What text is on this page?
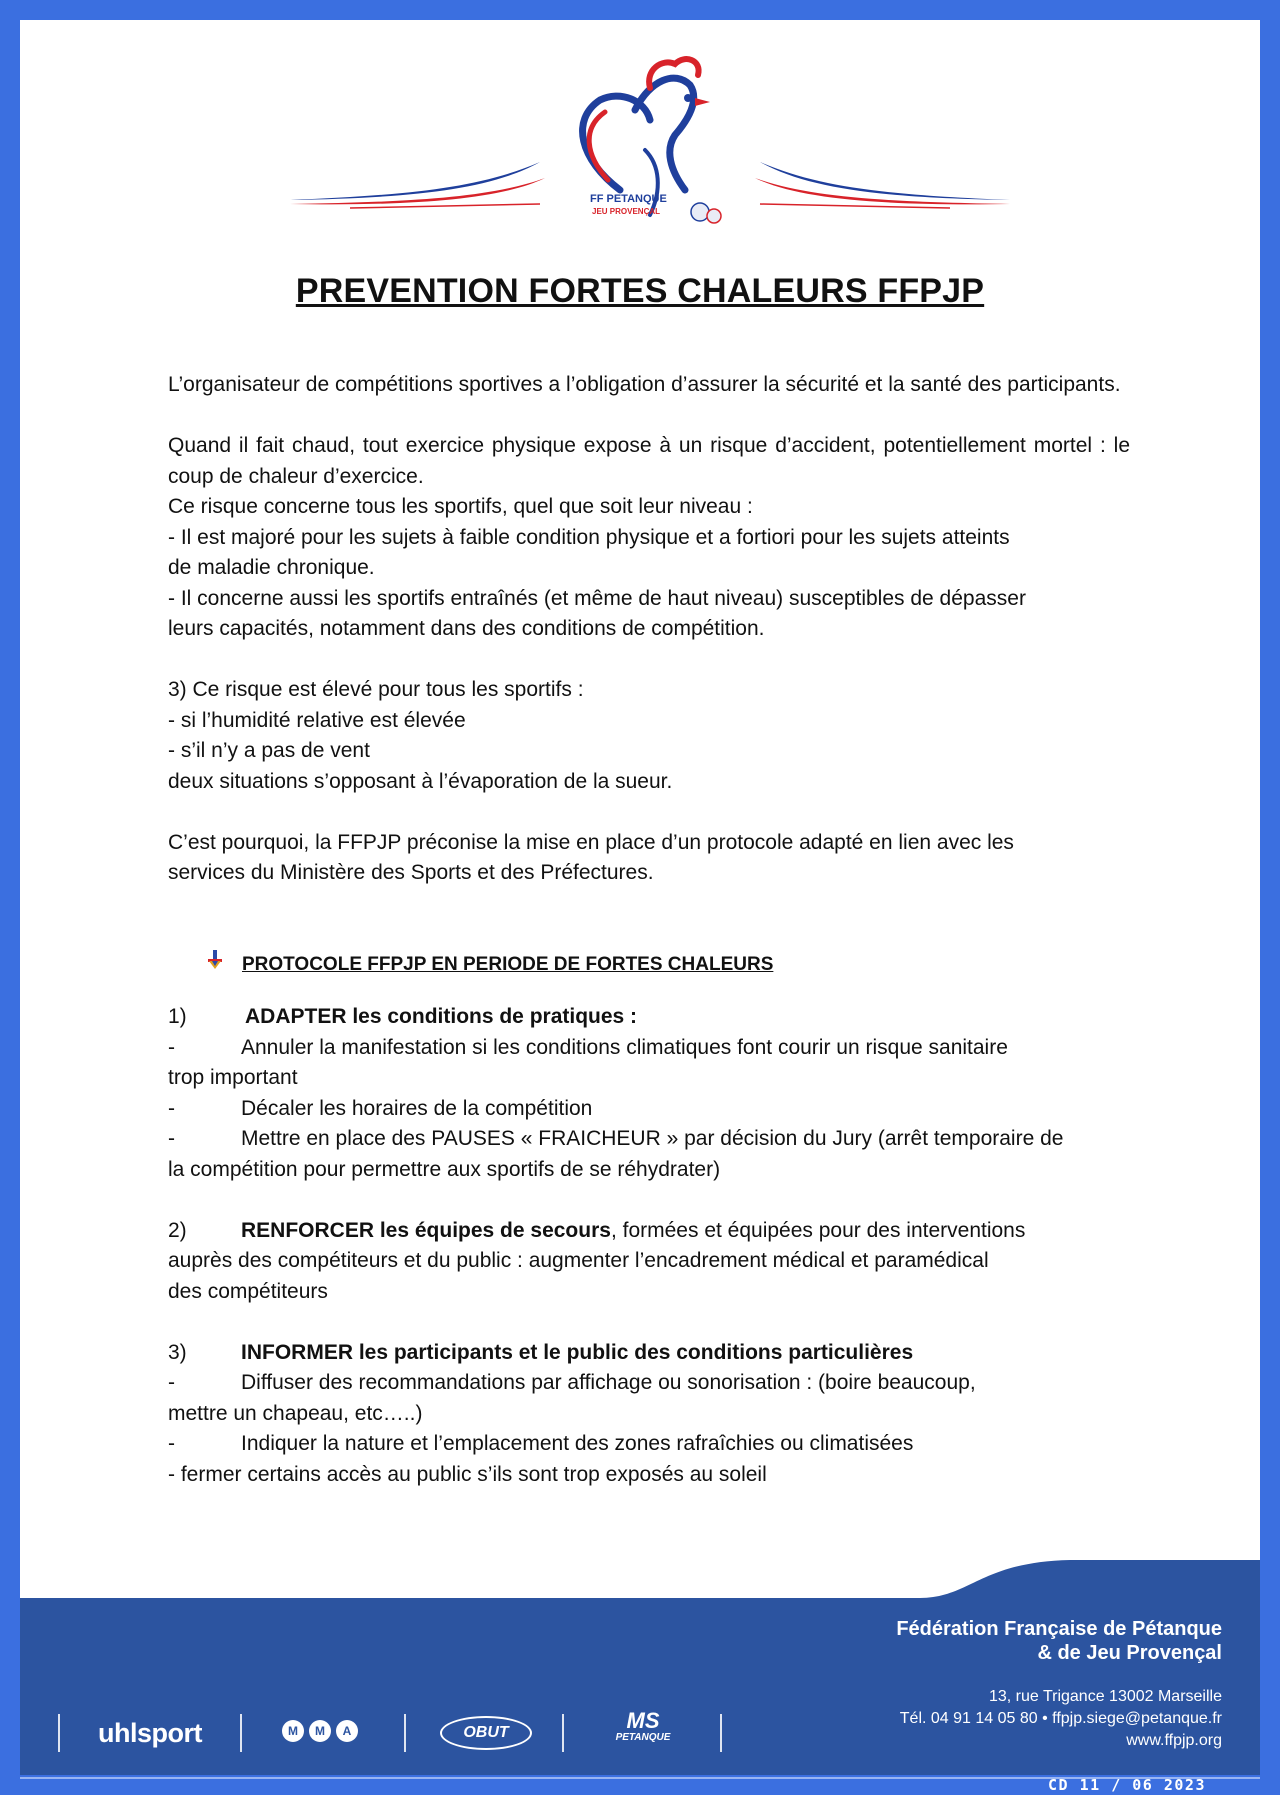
FF PETANQUE
JEU PROVENÇAL
PREVENTION FORTES CHALEURS FFPJP

L’organisateur de compétitions sportives a l’obligation d’assurer la sécurité et la santé des participants.

Quand il fait chaud, tout exercice physique expose à un risque d’accident, potentiellement mortel : le coup de chaleur d’exercice.

Ce risque concerne tous les sportifs, quel que soit leur niveau :

- Il est majoré pour les sujets à faible condition physique et a fortiori pour les sujets atteints de maladie chronique.

- Il concerne aussi les sportifs entraînés (et même de haut niveau) susceptibles de dépasser leurs capacités, notamment dans des conditions de compétition.

3) Ce risque est élevé pour tous les sportifs :

- si l’humidité relative est élevée

- s’il n’y a pas de vent

deux situations s’opposant à l’évaporation de la sueur.

C’est pourquoi, la FFPJP préconise la mise en place d’un protocole adapté en lien avec les services du Ministère des Sports et des Préfectures.

PROTOCOLE FFPJP EN PERIODE DE FORTES CHALEURS

1)	ADAPTER les conditions de pratiques :

-	Annuler la manifestation si les conditions climatiques font courir un risque sanitaire

trop important

-	Décaler les horaires de la compétition
-	Mettre en place des PAUSES « FRAICHEUR » par décision du Jury (arrêt temporaire de

la compétition pour permettre aux sportifs de se réhydrater)

2)	RENFORCER les équipes de secours, formées et équipées pour des interventions

auprès des compétiteurs et du public : augmenter l’encadrement médical et paramédical

des compétiteurs

3)	INFORMER les participants et le public des conditions particulières

-	Diffuser des recommandations par affichage ou sonorisation : (boire beaucoup,

mettre un chapeau, etc…..)

-	Indiquer la nature et l’emplacement des zones rafraîchies ou climatisées

- fermer certains accès au public s’ils sont trop exposés au soleil

uhlsport	M	M	A	OBUT	MS
PETANQUE
Fédération Française de Pétanque
& de Jeu Provençal
13, rue Trigance 13002 Marseille
Tél. 04 91 14 05 80 • ffpjp.siege@petanque.fr
www.ffpjp.org
CD 11 / 06 2023
